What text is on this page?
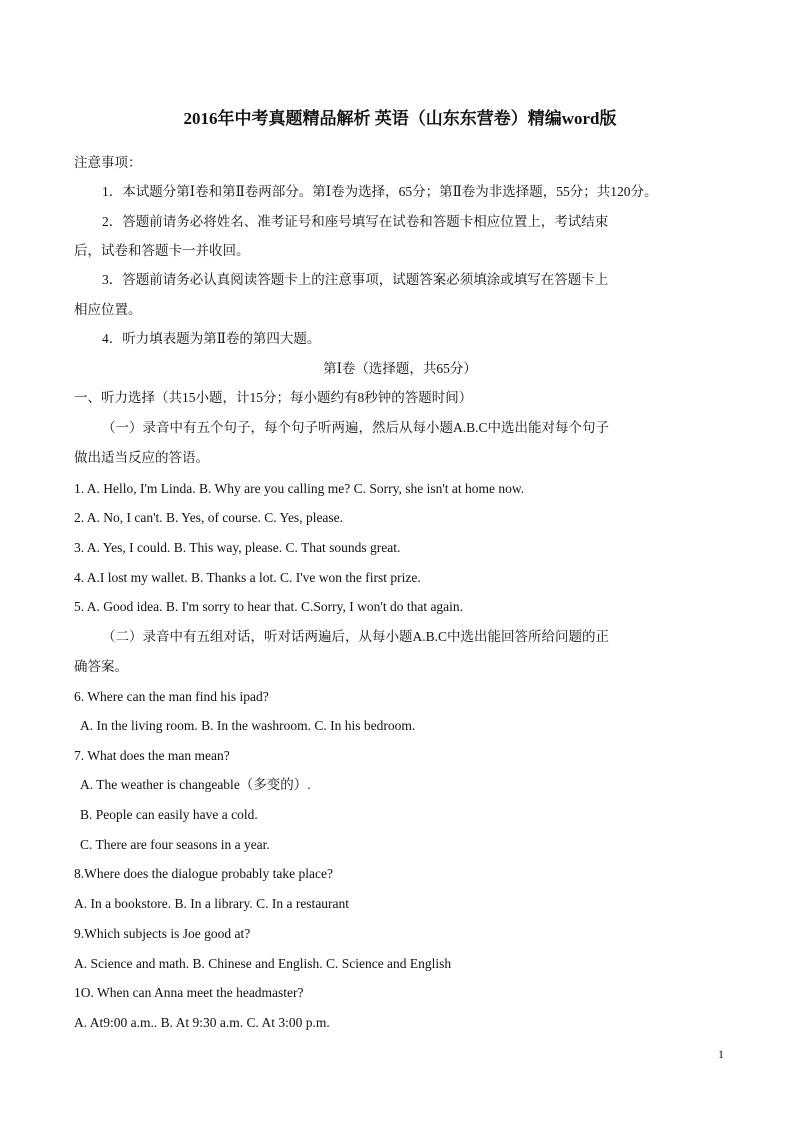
2016年中考真题精品解析 英语（山东东营卷）精编word版
注意事项：
1．本试题分第Ⅰ卷和第Ⅱ卷两部分。第Ⅰ卷为选择，65分；第Ⅱ卷为非选择题，55分；共120分。
2．答题前请务必将姓名、准考证号和座号填写在试卷和答题卡相应位置上，考试结束
后，试卷和答题卡一并收回。
3．答题前请务必认真阅读答题卡上的注意事项，试题答案必须填涂或填写在答题卡上
相应位置。
4．听力填表题为第Ⅱ卷的第四大题。
第Ⅰ卷（选择题，共65分）
一、听力选择（共15小题，计15分；每小题约有8秒钟的答题时间）
（一）录音中有五个句子，每个句子听两遍，然后从每小题A.B.C中选出能对每个句子
做出适当反应的答语。
1. A. Hello, I'm Linda. B. Why are you calling me? C. Sorry, she isn't at home now.
2. A. No, I can't. B. Yes, of course. C. Yes, please.
3. A. Yes, I could. B. This way, please. C. That sounds great.
4. A.I lost my wallet. B. Thanks a lot. C. I've won the first prize.
5. A. Good idea. B. I'm sorry to hear that. C.Sorry, I won't do that again.
（二）录音中有五组对话，听对话两遍后，从每小题A.B.C中选出能回答所给问题的正
确答案。
6. Where can the man find his ipad?
A. In the living room. B. In the washroom. C. In his bedroom.
7. What does the man mean?
A. The weather is changeable（多变的）.
B. People can easily have a cold.
C. There are four seasons in a year.
8.Where does the dialogue probably take place?
A. In a bookstore. B. In a library. C. In a restaurant
9.Which subjects is Joe good at?
A. Science and math. B. Chinese and English. C. Science and English
1O. When can Anna meet the headmaster?
A. At9:00 a.m.. B. At 9:30 a.m. C. At 3:00 p.m.
1
